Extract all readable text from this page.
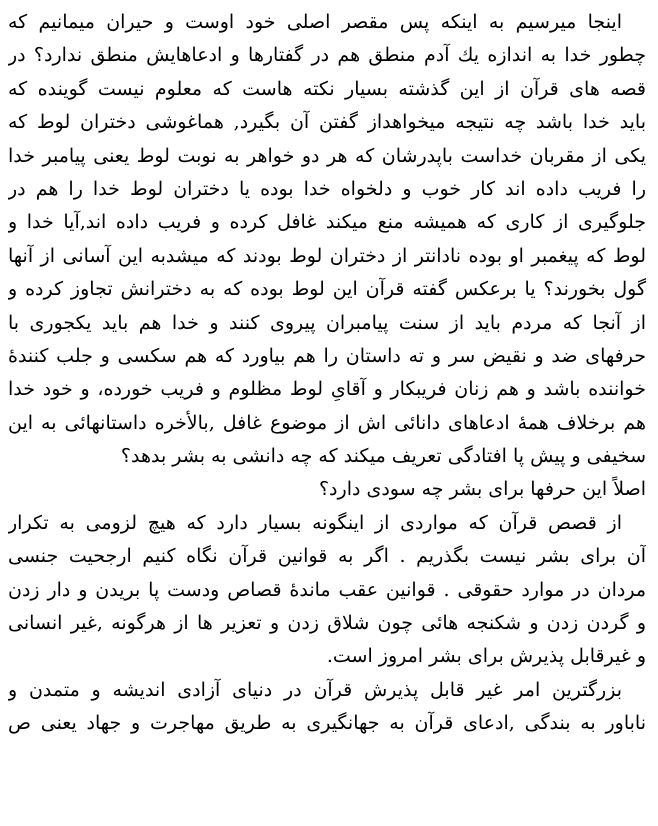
اینجا میرسیم به اینکه پس مقصر اصلی خود اوست و حیران میمانیم که
چطور خدا به اندازه یك آدم منطق هم در گفتارها و ادعاهایش منطق ندارد؟ در
قصه های قرآن از این گذشته بسیار نکته هاست که معلوم نیست گوینده که
باید خدا باشد چه نتیجه میخواهداز گفتن آن بگیرد, هماغوشی دختران لوط که
یکی از مقربان خداست باپدرشان که هر دو خواهر به نوبت لوط یعنی پیامبر خدا
را فریب داده اند کار خوب و دلخواه خدا بوده یا دختران لوط خدا را هم در
جلوگیری از کاری که همیشه منع میکند غافل کرده و فریب داده اند,آیا خدا و
لوط که پیغمبر او بوده نادانتر از دختران لوط بودند که میشدبه این آسانی از آنها
گول بخورند؟ یا برعکس گفته قرآن این لوط بوده که به دخترانش تجاوز کرده و
از آنجا که مردم باید از سنت پیامبران پیروی کنند و خدا هم باید یکجوری با
حرفهای ضد و نقیض سر و ته داستان را هم بیاورد که هم سکسی و جلب کنندهٔ
خواننده باشد و هم زنان فریبکار و آقایِ لوط مظلوم و فریب خورده، و خود خدا
هم برخلاف همهٔ ادعاهای دانائی اش از موضوع غافل ,بالأخره داستانهائی به این
سخیفی و پیش پا افتادگی تعریف میکند که چه دانشی به بشر بدهد؟
اصلاً این حرفها برای بشر چه سودی دارد؟
از قصص قرآن که مواردی از اینگونه بسیار دارد که هیچ لزومی به تکرار
آن برای بشر نیست بگذریم . اگر به قوانین قرآن نگاه کنیم ارجحیت جنسی
مردان در موارد حقوقی . قوانین عقب ماندهٔ قصاص ودست پا بریدن و دار زدن
و گردن زدن و شکنجه هائی چون شلاق زدن و تعزیر ها از هرگونه ,غیر انسانی
و غیرقابل پذیرش برای بشر امروز است.
بزرگترین امر غیر قابل پذیرش قرآن در دنیای آزادی اندیشه و متمدن و
ناباور به بندگی ,ادعای قرآن به جهانگیری به طریق مهاجرت و جهاد یعنی ص
